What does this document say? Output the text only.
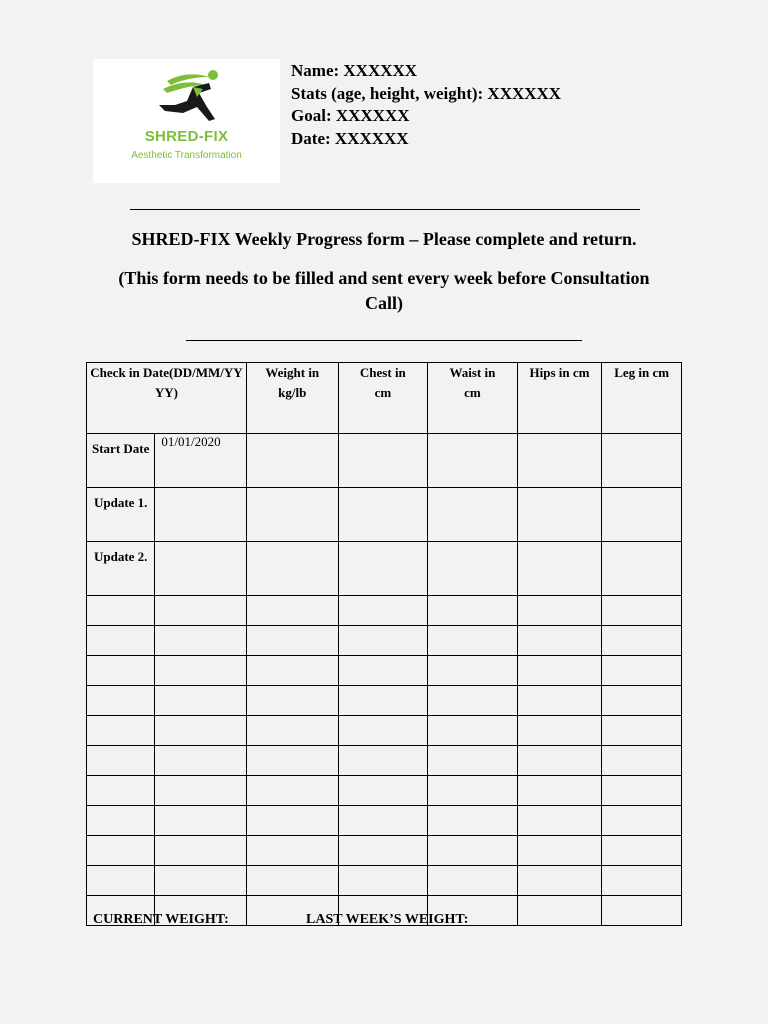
SHRED-FIX
Aesthetic Transformation
Name: XXXXXX
Stats (age, height, weight): XXXXXX
Goal: XXXXXX
Date: XXXXXX
SHRED-FIX Weekly Progress form – Please complete and return.
(This form needs to be filled and sent every week before Consultation Call)
Check in Date(DD/MM/YYYY)		Weight in kg/lb	Chest in cm	Waist in cm	Hips in cm	Leg in cm

Start Date	01/01/2020					
Update 1.						
Update 2.						

CURRENT WEIGHT:	LAST WEEK’S WEIGHT:
